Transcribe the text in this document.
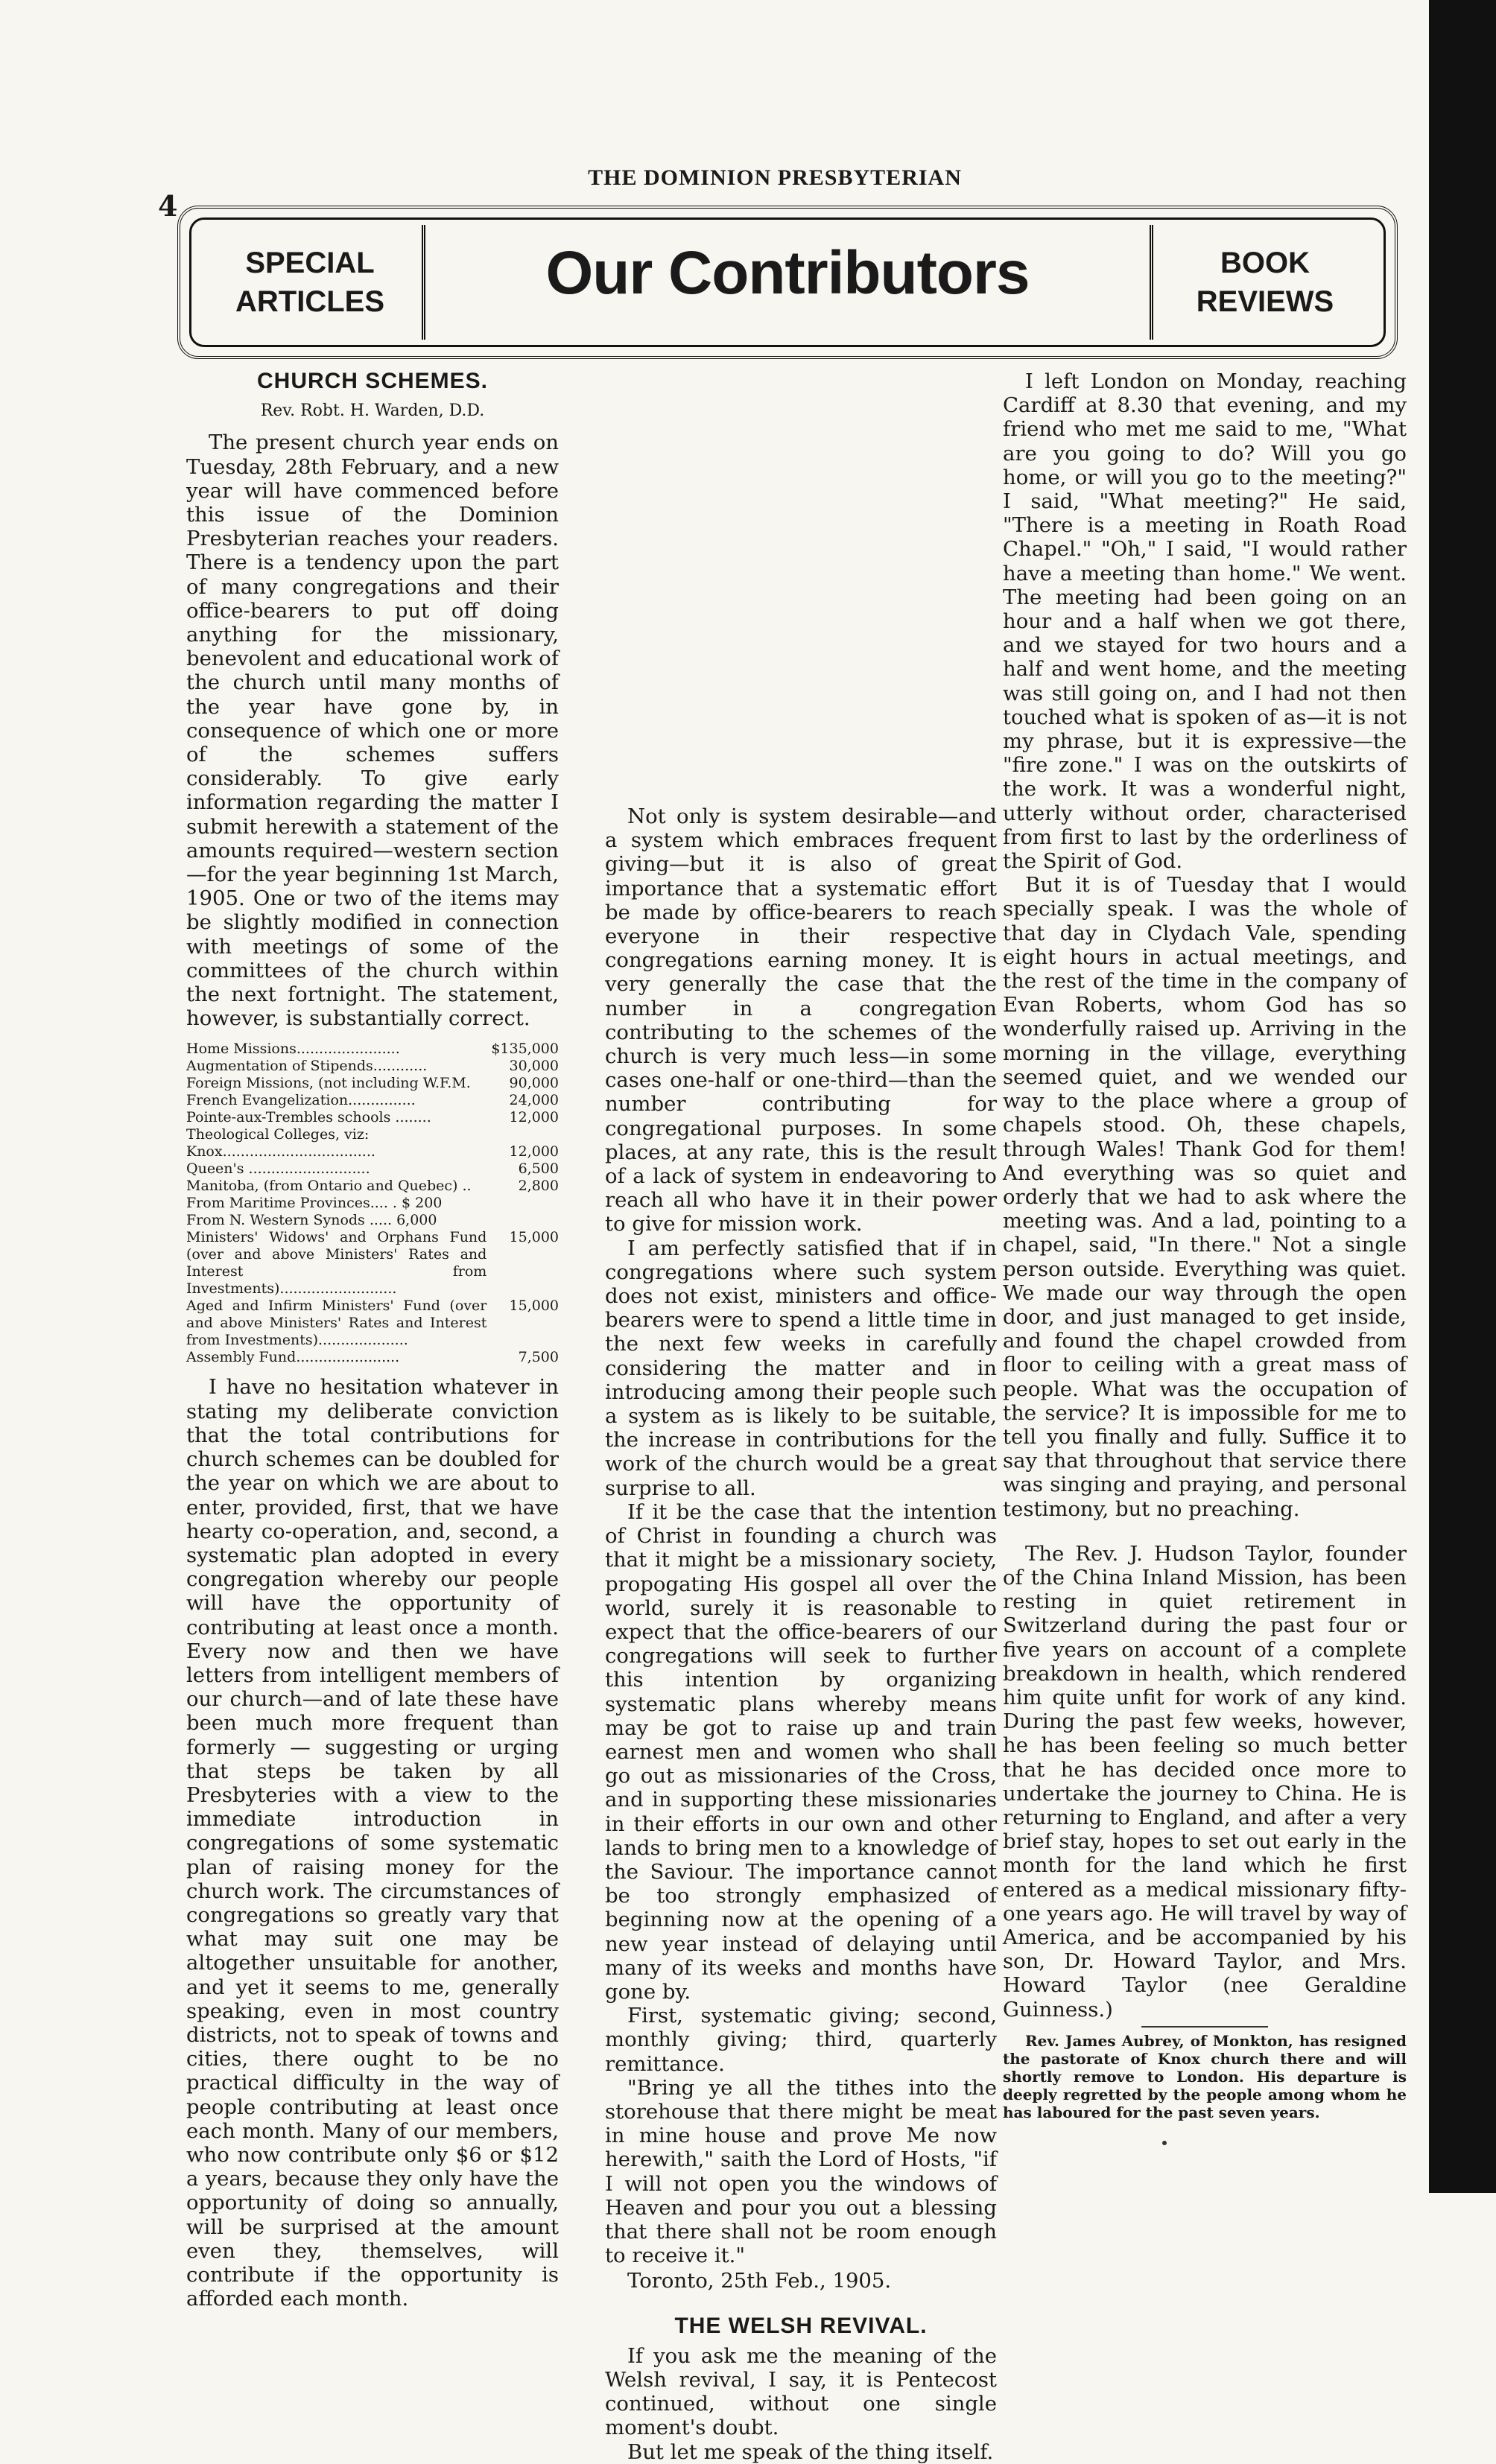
4
THE DOMINION PRESBYTERIAN
SPECIAL
ARTICLES	Our Contributors	BOOK
REVIEWS
CHURCH SCHEMES.
Rev. Robt. H. Warden, D.D.

The present church year ends on Tuesday, 28th February, and a new year will have commenced before this issue of the Dominion Presbyterian reaches your readers. There is a tendency upon the part of many congregations and their office-bearers to put off doing anything for the missionary, benevolent and educational work of the church until many months of the year have gone by, in consequence of which one or more of the schemes suffers considerably. To give early information regarding the matter I submit herewith a statement of the amounts required—western section—for the year beginning 1st March, 1905. One or two of the items may be slightly modified in connection with meetings of some of the committees of the church within the next fortnight. The statement, however, is substantially correct.

Home Missions.......................	$135,000
Augmentation of Stipends............	30,000
Foreign Missions, (not including W.F.M.	90,000
French Evangelization...............	24,000
Pointe-aux-Trembles schools ........	12,000
Theological Colleges, viz:	
Knox..................................	12,000
Queen's ...........................	6,500
Manitoba, (from Ontario and Quebec) ..	2,800
From Maritime Provinces.... . $ 200	
From N. Western Synods ..... 6,000	
Ministers' Widows' and Orphans Fund (over and above Ministers' Rates and Interest from Investments)..........................	15,000
Aged and Infirm Ministers' Fund (over and above Ministers' Rates and Interest from Investments)....................	15,000
Assembly Fund.......................	7,500

I have no hesitation whatever in stating my deliberate conviction that the total contributions for church schemes can be doubled for the year on which we are about to enter, provided, first, that we have hearty co-operation, and, second, a systematic plan adopted in every congregation whereby our people will have the opportunity of contributing at least once a month. Every now and then we have letters from intelligent members of our church—and of late these have been much more frequent than formerly — suggesting or urging that steps be taken by all Presbyteries with a view to the immediate introduction in congregations of some systematic plan of raising money for the church work. The circumstances of congregations so greatly vary that what may suit one may be altogether unsuitable for another, and yet it seems to me, generally speaking, even in most country districts, not to speak of towns and cities, there ought to be no practical difficulty in the way of people contributing at least once each month. Many of our members, who now contribute only $6 or $12 a years, because they only have the opportunity of doing so annually, will be surprised at the amount even they, themselves, will contribute if the opportunity is afforded each month.

Not only is system desirable—and a system which embraces frequent giving—but it is also of great importance that a systematic effort be made by office-bearers to reach everyone in their respective congregations earning money. It is very generally the case that the number in a congregation contributing to the schemes of the church is very much less—in some cases one-half or one-third—than the number contributing for congregational purposes. In some places, at any rate, this is the result of a lack of system in endeavoring to reach all who have it in their power to give for mission work.

I am perfectly satisfied that if in congregations where such system does not exist, ministers and office-bearers were to spend a little time in the next few weeks in carefully considering the matter and in introducing among their people such a system as is likely to be suitable, the increase in contributions for the work of the church would be a great surprise to all.

If it be the case that the intention of Christ in founding a church was that it might be a missionary society, propogating His gospel all over the world, surely it is reasonable to expect that the office-bearers of our congregations will seek to further this intention by organizing systematic plans whereby means may be got to raise up and train earnest men and women who shall go out as missionaries of the Cross, and in supporting these missionaries in their efforts in our own and other lands to bring men to a knowledge of the Saviour. The importance cannot be too strongly emphasized of beginning now at the opening of a new year instead of delaying until many of its weeks and months have gone by.

First, systematic giving; second, monthly giving; third, quarterly remittance.

"Bring ye all the tithes into the storehouse that there might be meat in mine house and prove Me now herewith," saith the Lord of Hosts, "if I will not open you the windows of Heaven and pour you out a blessing that there shall not be room enough to receive it."

Toronto, 25th Feb., 1905.

THE WELSH REVIVAL.

If you ask me the meaning of the Welsh revival, I say, it is Pentecost continued, without one single moment's doubt.

But let me speak of the thing itself.

I left London on Monday, reaching Cardiff at 8.30 that evening, and my friend who met me said to me, "What are you going to do? Will you go home, or will you go to the meeting?" I said, "What meeting?" He said, "There is a meeting in Roath Road Chapel." "Oh," I said, "I would rather have a meeting than home." We went. The meeting had been going on an hour and a half when we got there, and we stayed for two hours and a half and went home, and the meeting was still going on, and I had not then touched what is spoken of as—it is not my phrase, but it is expressive—the "fire zone." I was on the outskirts of the work. It was a wonderful night, utterly without order, characterised from first to last by the orderliness of the Spirit of God.

But it is of Tuesday that I would specially speak. I was the whole of that day in Clydach Vale, spending eight hours in actual meetings, and the rest of the time in the company of Evan Roberts, whom God has so wonderfully raised up. Arriving in the morning in the village, everything seemed quiet, and we wended our way to the place where a group of chapels stood. Oh, these chapels, through Wales! Thank God for them! And everything was so quiet and orderly that we had to ask where the meeting was. And a lad, pointing to a chapel, said, "In there." Not a single person outside. Everything was quiet. We made our way through the open door, and just managed to get inside, and found the chapel crowded from floor to ceiling with a great mass of people. What was the occupation of the service? It is impossible for me to tell you finally and fully. Suffice it to say that throughout that service there was singing and praying, and personal testimony, but no preaching.

The Rev. J. Hudson Taylor, founder of the China Inland Mission, has been resting in quiet retirement in Switzerland during the past four or five years on account of a complete breakdown in health, which rendered him quite unfit for work of any kind. During the past few weeks, however, he has been feeling so much better that he has decided once more to undertake the journey to China. He is returning to England, and after a very brief stay, hopes to set out early in the month for the land which he first entered as a medical missionary fifty-one years ago. He will travel by way of America, and be accompanied by his son, Dr. Howard Taylor, and Mrs. Howard Taylor (nee Geraldine Guinness.)

Rev. James Aubrey, of Monkton, has resigned the pastorate of Knox church there and will shortly remove to London. His departure is deeply regretted by the people among whom he has laboured for the past seven years.
